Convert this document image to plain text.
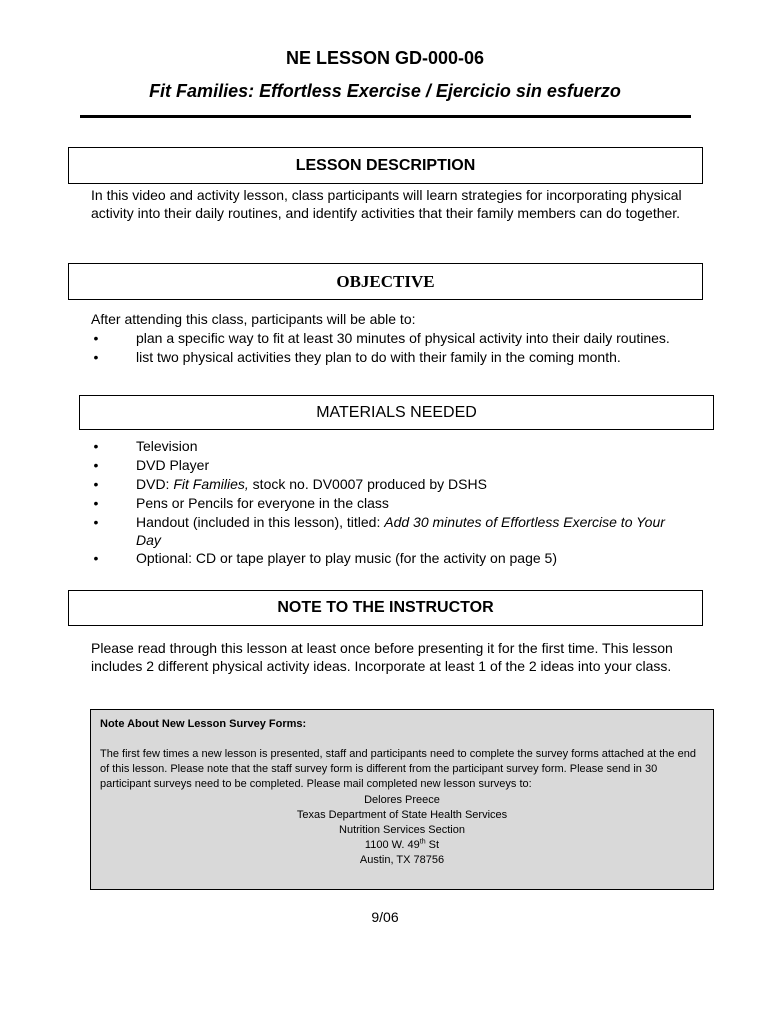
NE LESSON GD-000-06
Fit Families: Effortless Exercise / Ejercicio sin esfuerzo
LESSON DESCRIPTION
In this video and activity lesson, class participants will learn strategies for incorporating physical activity into their daily routines, and identify activities that their family members can do together.
OBJECTIVE
After attending this class, participants will be able to:
•	plan a specific way to fit at least 30 minutes of physical activity into their daily routines.
•	list two physical activities they plan to do with their family in the coming month.
MATERIALS NEEDED
•	Television
•	DVD Player
•	DVD: Fit Families, stock no. DV0007 produced by DSHS
•	Pens or Pencils for everyone in the class
•	Handout (included in this lesson), titled: Add 30 minutes of Effortless Exercise to Your Day
•	Optional: CD or tape player to play music (for the activity on page 5)
NOTE TO THE INSTRUCTOR
Please read through this lesson at least once before presenting it for the first time. This lesson includes 2 different physical activity ideas. Incorporate at least 1 of the 2 ideas into your class.
Note About New Lesson Survey Forms:
The first few times a new lesson is presented, staff and participants need to complete the survey forms attached at the end of this lesson. Please note that the staff survey form is different from the participant survey form. Please send in 30 participant surveys need to be completed. Please mail completed new lesson surveys to:
Delores Preece
Texas Department of State Health Services
Nutrition Services Section
1100 W. 49th St
Austin, TX 78756
9/06
